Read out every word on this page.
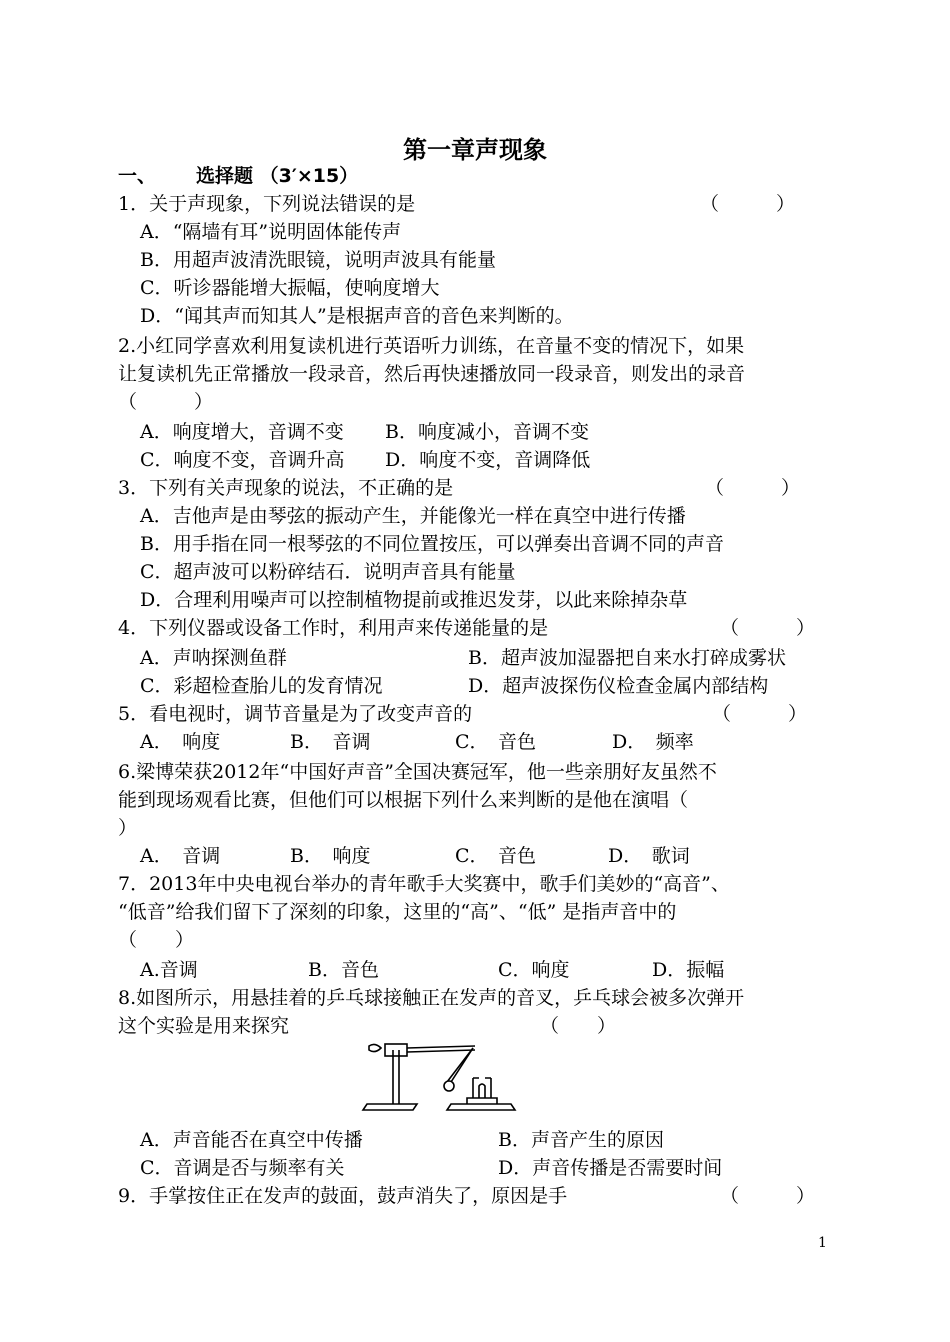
第一章声现象
一、 选择题 （3′×15）
1．关于声现象，下列说法错误的是	（　　　）
A．“隔墙有耳”说明固体能传声
B．用超声波清洗眼镜，说明声波具有能量
C．听诊器能增大振幅，使响度增大
D．“闻其声而知其人”是根据声音的音色来判断的。
2.小红同学喜欢利用复读机进行英语听力训练，在音量不变的情况下，如果
让复读机先正常播放一段录音，然后再快速播放同一段录音，则发出的录音
（　　　）
A．响度增大，音调不变 B．响度减小，音调不变
C．响度不变，音调升高 D．响度不变，音调降低
3．下列有关声现象的说法，不正确的是	（　　　）
A．吉他声是由琴弦的振动产生，并能像光一样在真空中进行传播
B．用手指在同一根琴弦的不同位置按压，可以弹奏出音调不同的声音
C．超声波可以粉碎结石．说明声音具有能量
D．合理利用噪声可以控制植物提前或推迟发芽，以此来除掉杂草
4．下列仪器或设备工作时，利用声来传递能量的是	（　　　）
A．声呐探测鱼群	B．超声波加湿器把自来水打碎成雾状
C．彩超检查胎儿的发育情况	D．超声波探伤仪检查金属内部结构
5．看电视时，调节音量是为了改变声音的	（　　　）
A．　响度	B．　音调	C．　音色	D．　频率
6.梁博荣获2012年“中国好声音”全国决赛冠军，他一些亲朋好友虽然不
能到现场观看比赛，但他们可以根据下列什么来判断的是他在演唱（
）
A．　音调	B．　响度	C．　音色	D．　歌词
7．2013年中央电视台举办的青年歌手大奖赛中，歌手们美妙的“高音”、
“低音”给我们留下了深刻的印象，这里的“高”、“低” 是指声音中的
（　　）
A.音调	B．音色	C．响度	D．振幅
8.如图所示，用悬挂着的乒乓球接触正在发声的音叉，乒乓球会被多次弹开
这个实验是用来探究	（　　）
A．声音能否在真空中传播	B．声音产生的原因
C．音调是否与频率有关	D．声音传播是否需要时间
9．手掌按住正在发声的鼓面，鼓声消失了，原因是手	（　　　）
1
